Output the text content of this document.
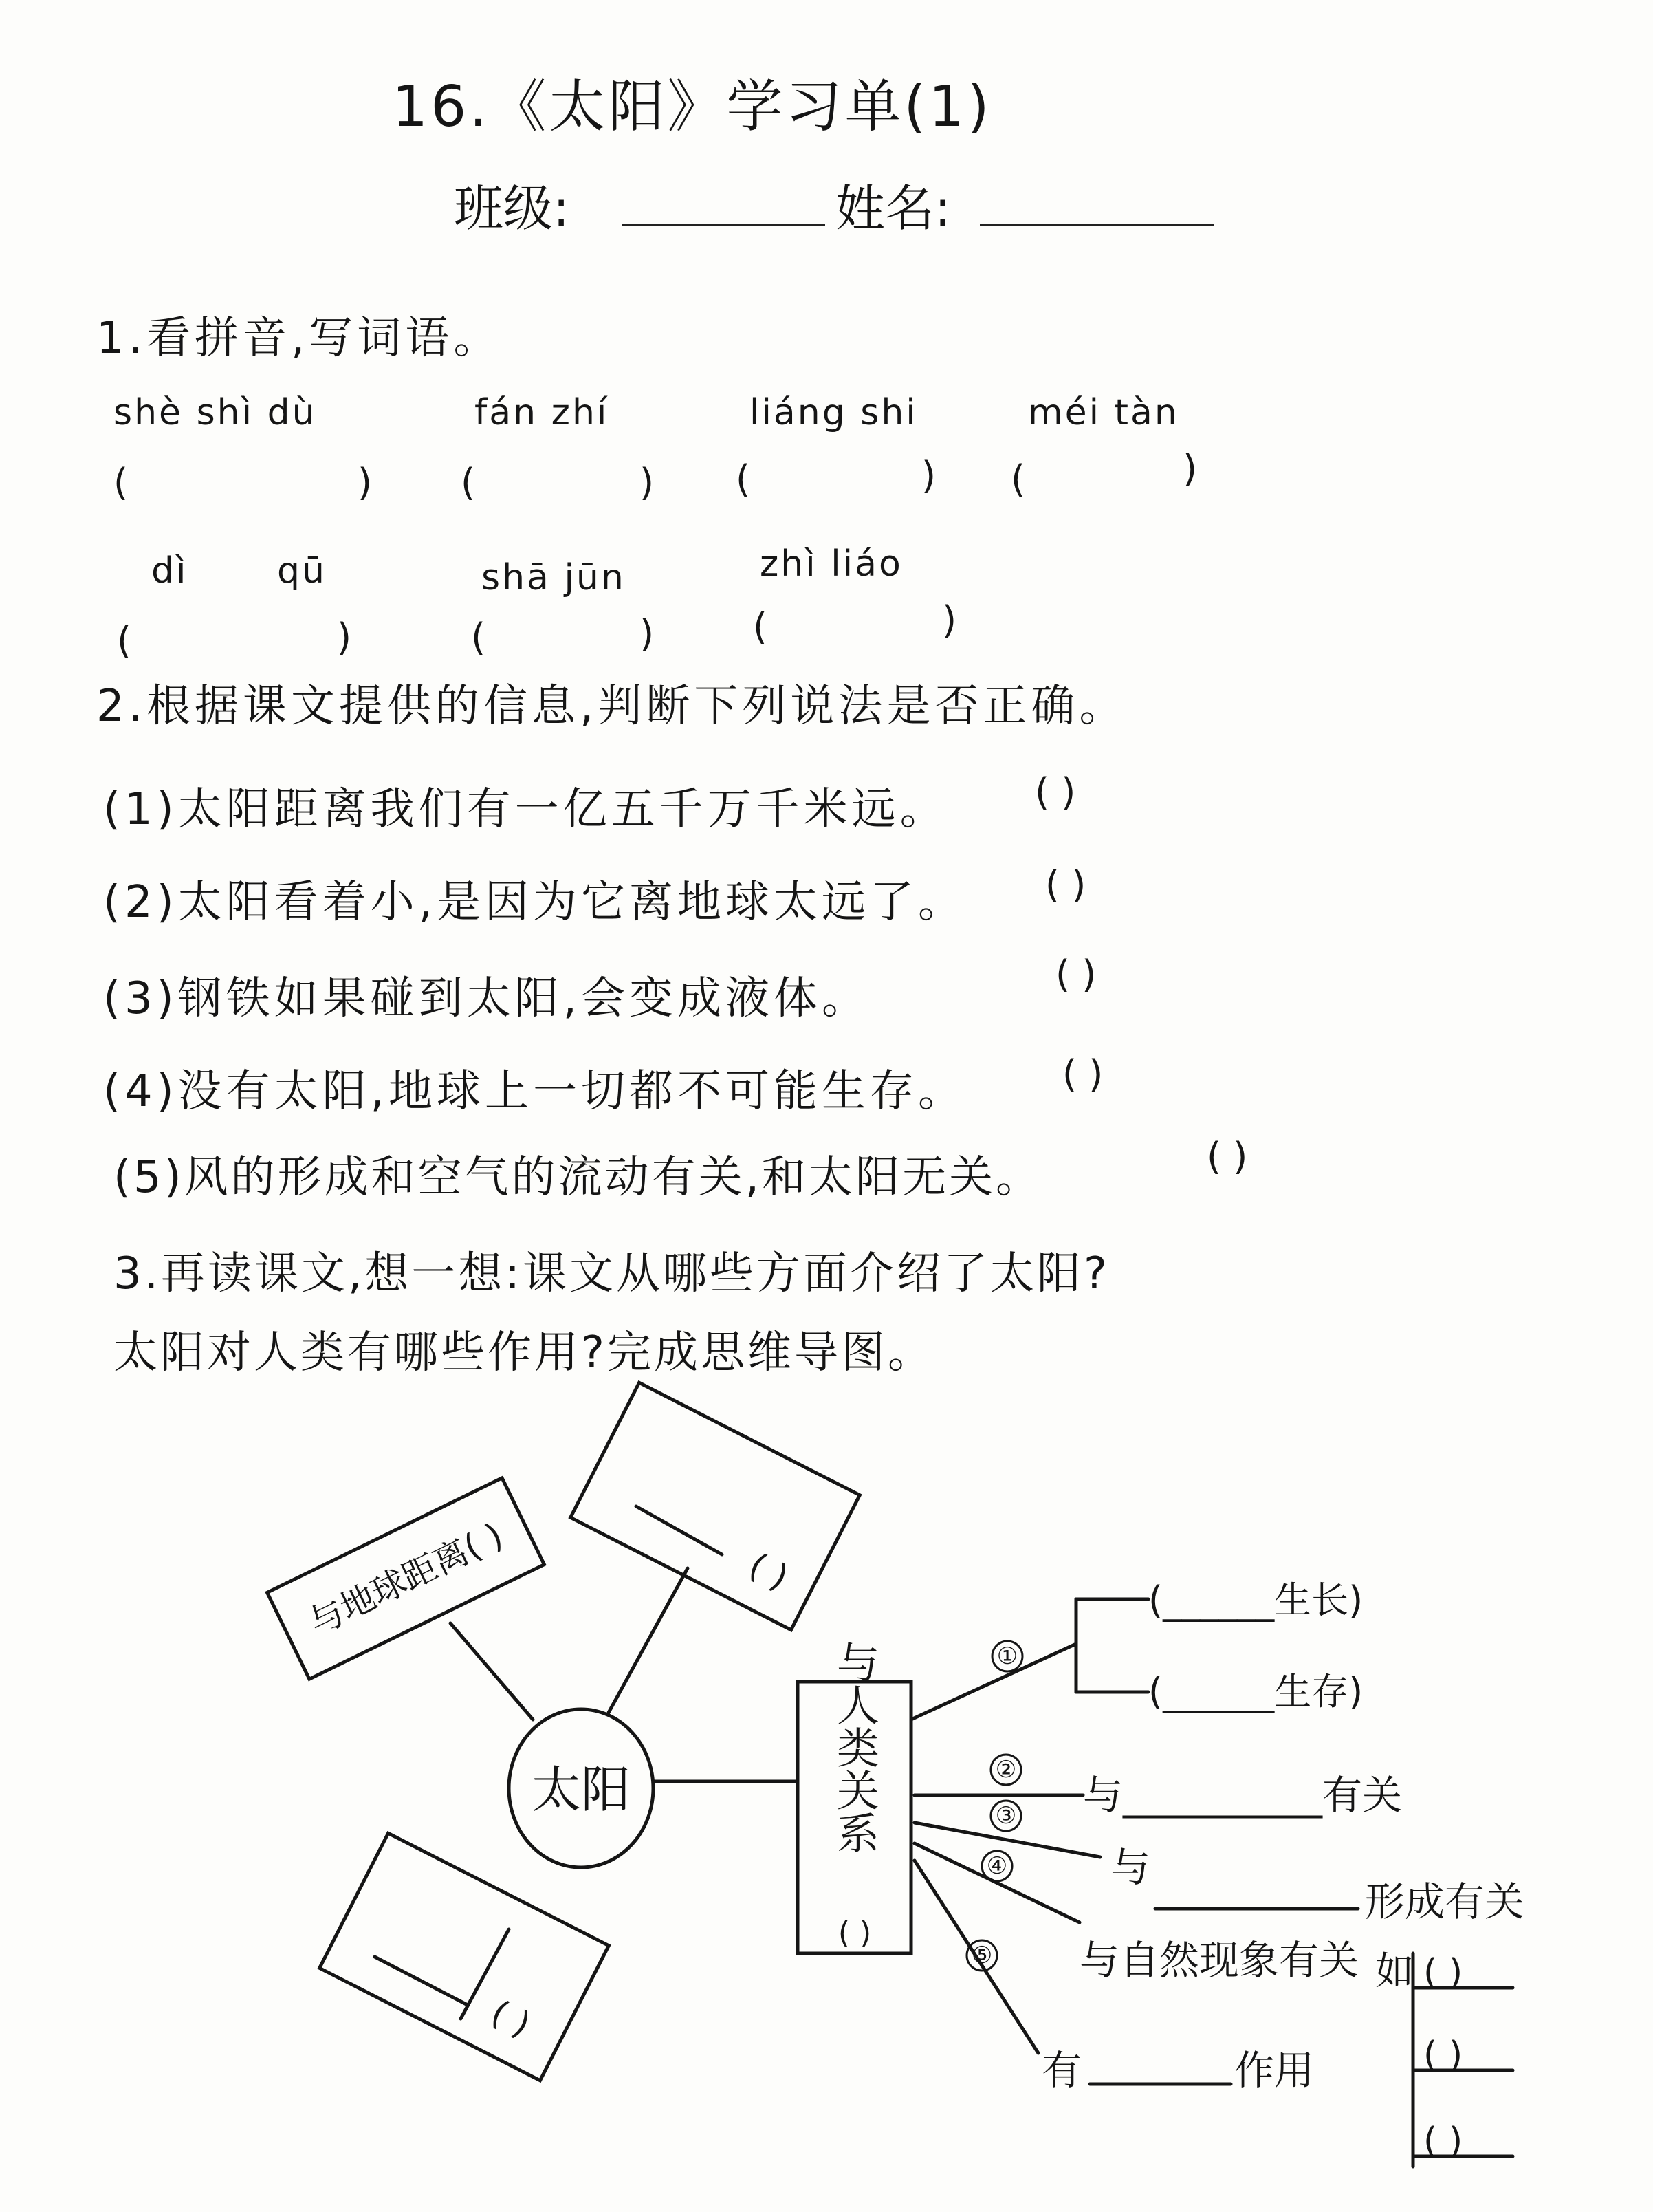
16.《太阳》学习单(1)
班级:	姓名:
1.看拼音,写词语。
shè shì dù	fán zhí	liáng shi	méi tàn
(	) (	) (	) (	)
dì qū	shā jūn	zhì liáo
(	)	(	)	(	)
2.根据课文提供的信息,判断下列说法是否正确。
(1)太阳距离我们有一亿五千万千米远。 ( )
(2)太阳看着小,是因为它离地球太远了。 ( )
(3)钢铁如果碰到太阳,会变成液体。	( )
(4)没有太阳,地球上一切都不可能生存。	( )
(5)风的形成和空气的流动有关,和太阳无关。	( )
3.再读课文,想一想:课文从哪些方面介绍了太阳?
太阳对人类有哪些作用?完成思维导图。
太阳
与地球距离( )	( )
( )
与人类关系
( )
①
②
③
④
⑤
(______生长)
(______生存)
与__________有关
与
形成有关
与自然现象有关 如 ( )
( )
( )
有	作用
